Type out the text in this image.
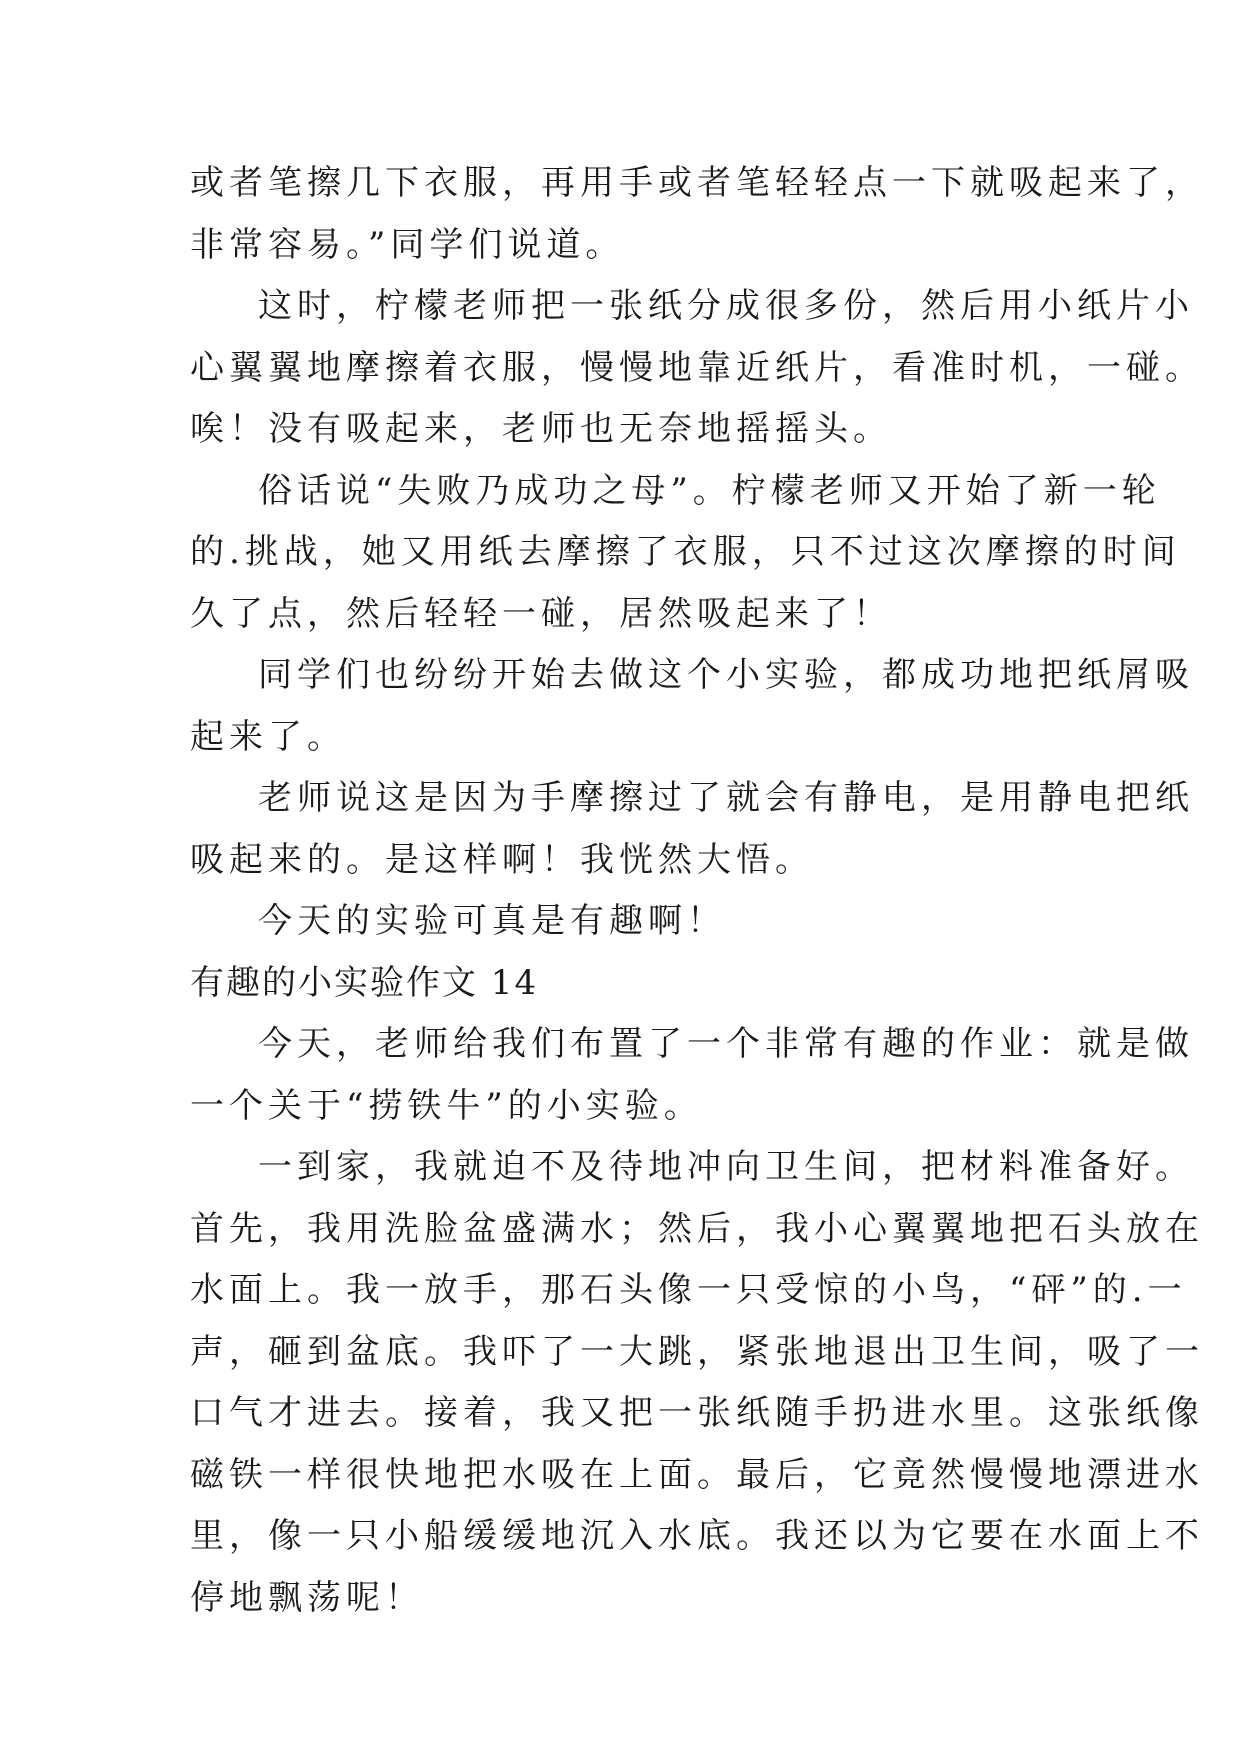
或者笔擦几下衣服，再用手或者笔轻轻点一下就吸起来了，
非常容易。”同学们说道。
这时，柠檬老师把一张纸分成很多份，然后用小纸片小
心翼翼地摩擦着衣服，慢慢地靠近纸片，看准时机，一碰。
唉！没有吸起来，老师也无奈地摇摇头。
俗话说“失败乃成功之母”。柠檬老师又开始了新一轮
的.挑战，她又用纸去摩擦了衣服，只不过这次摩擦的时间
久了点，然后轻轻一碰，居然吸起来了！
同学们也纷纷开始去做这个小实验，都成功地把纸屑吸
起来了。
老师说这是因为手摩擦过了就会有静电，是用静电把纸
吸起来的。是这样啊！我恍然大悟。
今天的实验可真是有趣啊！
有趣的小实验作文 14
今天，老师给我们布置了一个非常有趣的作业：就是做
一个关于“捞铁牛”的小实验。
一到家，我就迫不及待地冲向卫生间，把材料准备好。
首先，我用洗脸盆盛满水；然后，我小心翼翼地把石头放在
水面上。我一放手，那石头像一只受惊的小鸟，“砰”的.一
声，砸到盆底。我吓了一大跳，紧张地退出卫生间，吸了一
口气才进去。接着，我又把一张纸随手扔进水里。这张纸像
磁铁一样很快地把水吸在上面。最后，它竟然慢慢地漂进水
里，像一只小船缓缓地沉入水底。我还以为它要在水面上不
停地飘荡呢！
